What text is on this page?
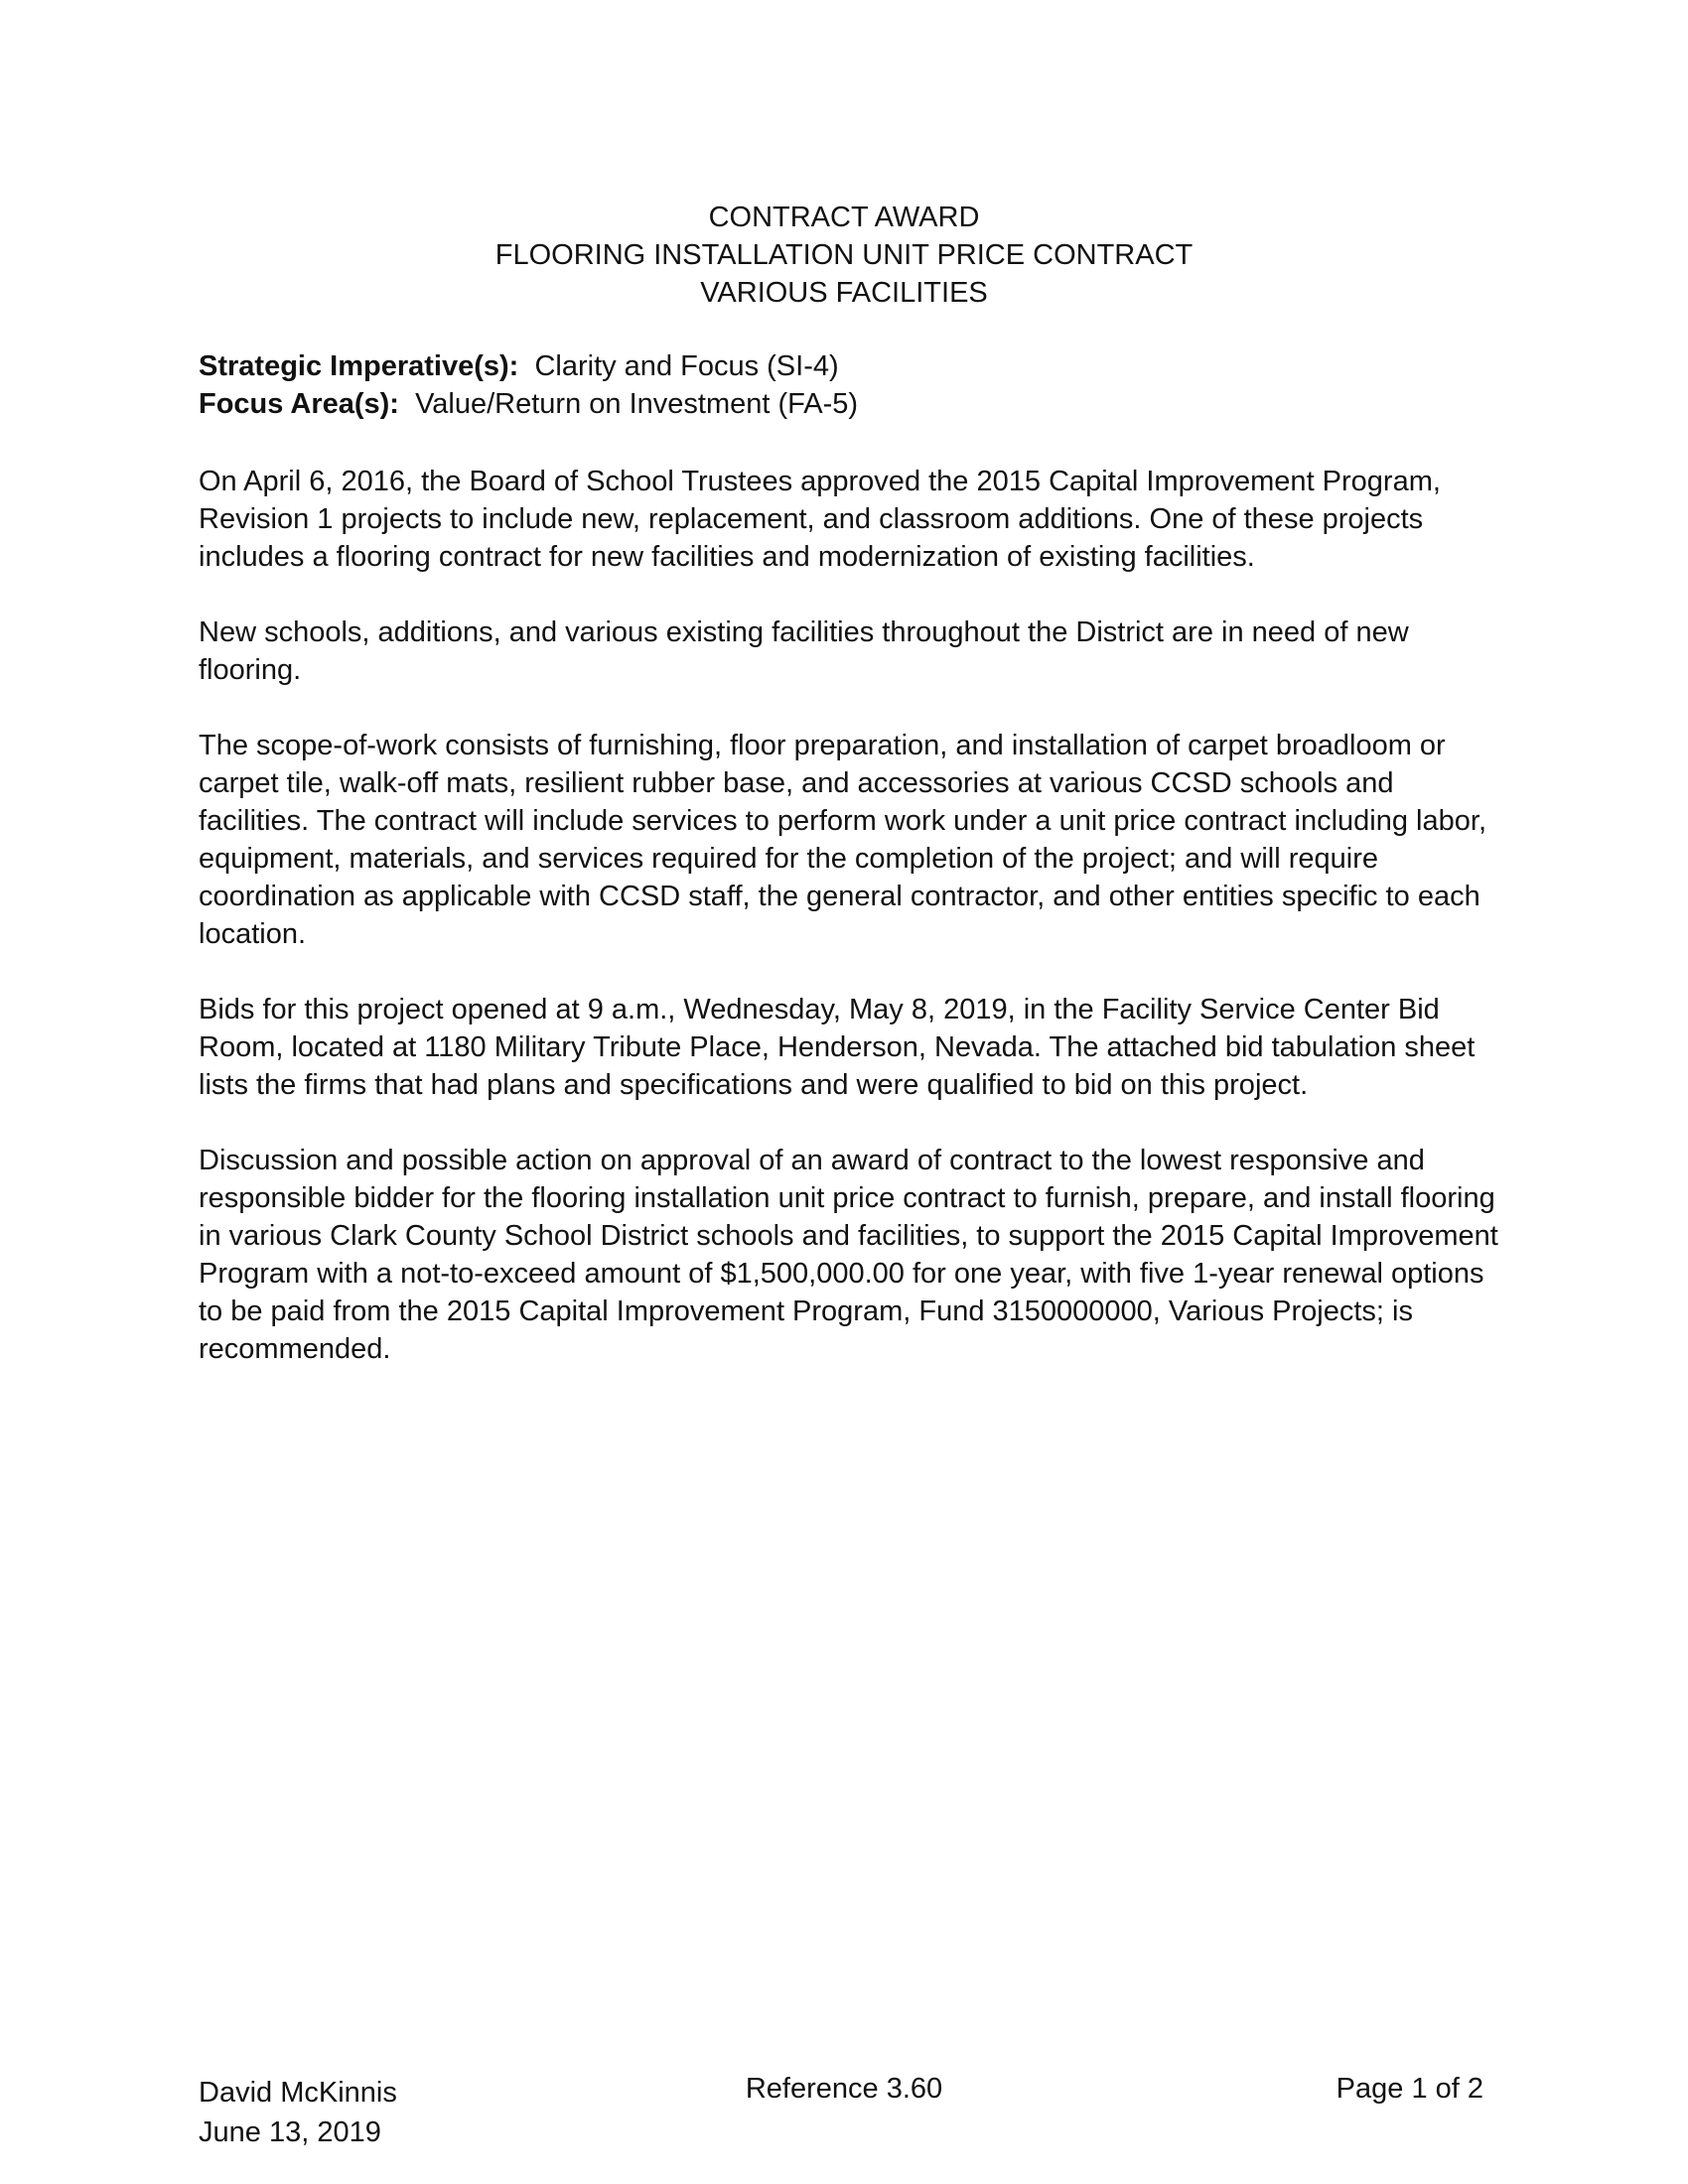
CONTRACT AWARD
FLOORING INSTALLATION UNIT PRICE CONTRACT
VARIOUS FACILITIES
Strategic Imperative(s): Clarity and Focus (SI-4)
Focus Area(s): Value/Return on Investment (FA-5)

On April 6, 2016, the Board of School Trustees approved the 2015 Capital Improvement Program, Revision 1 projects to include new, replacement, and classroom additions. One of these projects includes a flooring contract for new facilities and modernization of existing facilities.

New schools, additions, and various existing facilities throughout the District are in need of new flooring.

The scope-of-work consists of furnishing, floor preparation, and installation of carpet broadloom or carpet tile, walk-off mats, resilient rubber base, and accessories at various CCSD schools and facilities. The contract will include services to perform work under a unit price contract including labor, equipment, materials, and services required for the completion of the project; and will require coordination as applicable with CCSD staff, the general contractor, and other entities specific to each location.

Bids for this project opened at 9 a.m., Wednesday, May 8, 2019, in the Facility Service Center Bid Room, located at 1180 Military Tribute Place, Henderson, Nevada. The attached bid tabulation sheet lists the firms that had plans and specifications and were qualified to bid on this project.

Discussion and possible action on approval of an award of contract to the lowest responsive and responsible bidder for the flooring installation unit price contract to furnish, prepare, and install flooring in various Clark County School District schools and facilities, to support the 2015 Capital Improvement Program with a not-to-exceed amount of $1,500,000.00 for one year, with five 1-year renewal options to be paid from the 2015 Capital Improvement Program, Fund 3150000000, Various Projects; is recommended.

David McKinnis
June 13, 2019
Reference 3.60	Page 1 of 2
